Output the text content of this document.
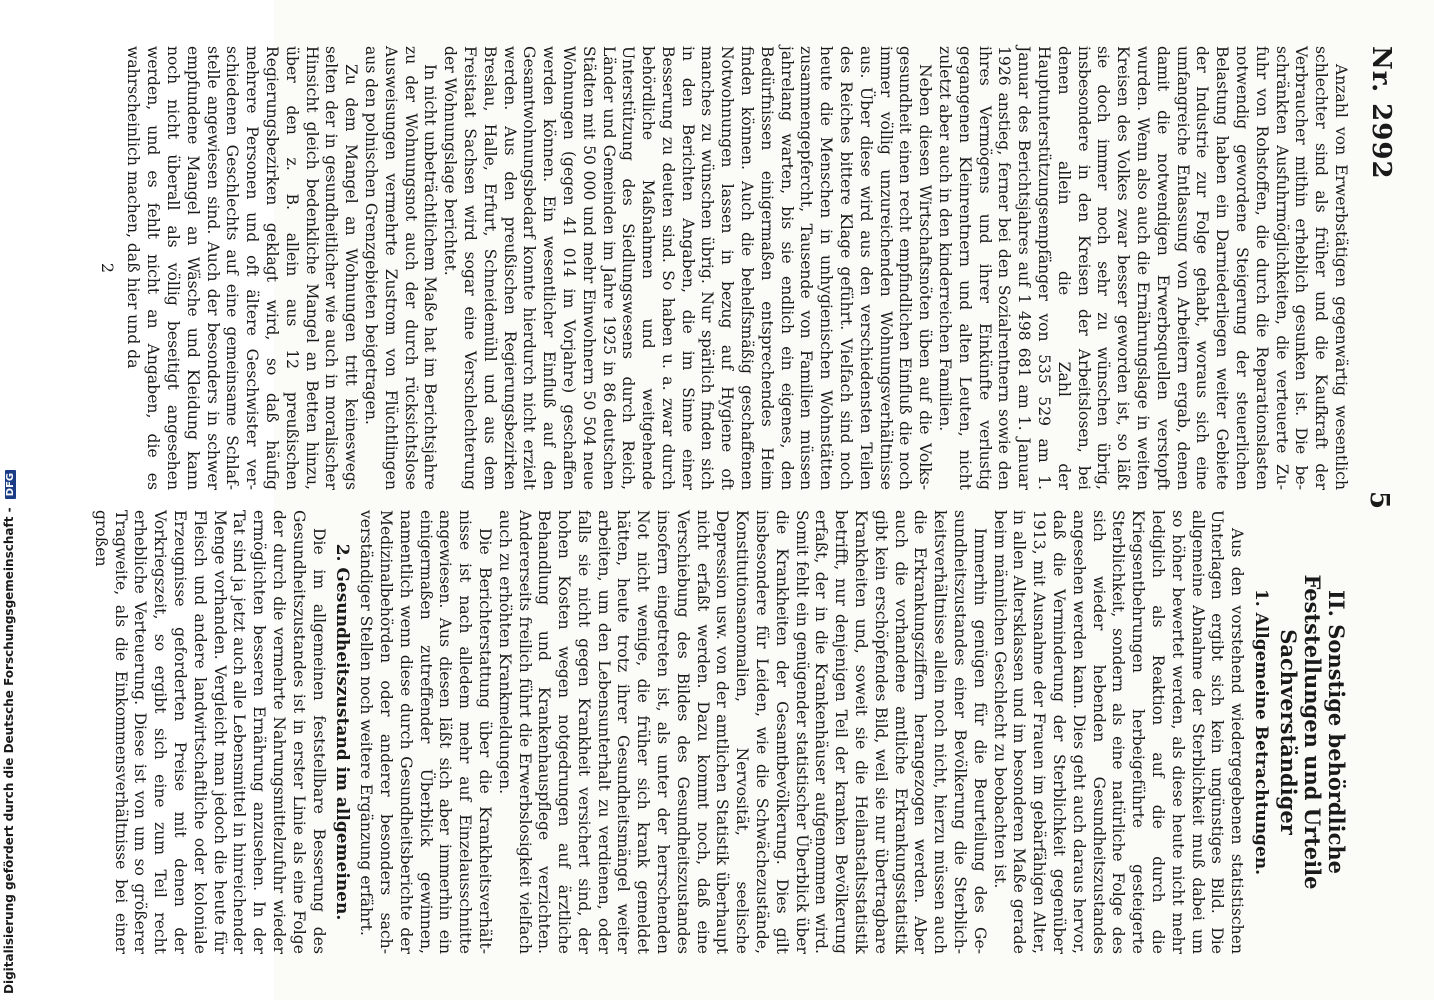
Nr. 2992
5

Anzahl von Erwerbstätigen gegenwärtig wesentlich schlechter sind als früher und die Kaufkraft der Verbraucher mithin erheblich gesunken ist. Die beschränkten Ausfuhrmöglichkeiten, die verteuerte Zufuhr von Rohstoffen, die durch die Reparationslasten notwendig gewordene Steigerung der steuerlichen Belastung haben ein Darniederliegen weiter Gebiete der Industrie zur Folge gehabt, woraus sich eine umfangreiche Entlassung von Arbeitern ergab, denen damit die notwendigen Erwerbsquellen verstopft wurden. Wenn also auch die Ernährungslage in weiten Kreisen des Volkes zwar besser geworden ist, so läßt sie doch immer noch sehr zu wünschen übrig, insbesondere in den Kreisen der Arbeitslosen, bei denen allein die Zahl der Hauptunterstützungsempfänger von 535 529 am 1. Januar des Berichtsjahres auf 1 498 681 am 1. Januar 1926 anstieg, ferner bei den Sozialrentnern sowie den ihres Vermögens und ihrer Einkünfte verlustig gegangenen Kleinrentnern und alten Leuten, nicht zuletzt aber auch in den kinderreichen Familien.

Neben diesen Wirtschaftsnöten üben auf die Volksgesundheit einen recht empfindlichen Einfluß die noch immer völlig unzureichenden Wohnungsverhältnisse aus. Über diese wird aus den verschiedensten Teilen des Reiches bittere Klage geführt. Vielfach sind noch heute die Menschen in unhygienischen Wohnstätten zusammengepfercht, Tausende von Familien müssen jahrelang warten, bis sie endlich ein eigenes, den Bedürfnissen einigermaßen entsprechendes Heim finden können. Auch die behelfsmäßig geschaffenen Notwohnungen lassen in bezug auf Hygiene oft manches zu wünschen übrig. Nur spärlich finden sich in den Berichten Angaben, die im Sinne einer Besserung zu deuten sind. So haben u. a. zwar durch behördliche Maßnahmen und weitgehende Unterstützung des Siedlungswesens durch Reich, Länder und Gemeinden im Jahre 1925 in 86 deutschen Städten mit 50 000 und mehr Einwohnern 50 504 neue Wohnungen (gegen 41 014 im Vorjahre) geschaffen werden können. Ein wesentlicher Einfluß auf den Gesamtwohnungsbedarf konnte hierdurch nicht erzielt werden. Aus den preußischen Regierungsbezirken Breslau, Halle, Erfurt, Schneidemühl und aus dem Freistaat Sachsen wird sogar eine Verschlechterung der Wohnungslage berichtet.

In nicht unbeträchtlichem Maße hat im Berichtsjahre zu der Wohnungsnot auch der durch rücksichtslose Ausweisungen vermehrte Zustrom von Flüchtlingen aus den polnischen Grenzgebieten beigetragen.

Zu dem Mangel an Wohnungen tritt keineswegs selten der in gesundheitlicher wie auch in moralischer Hinsicht gleich bedenkliche Mangel an Betten hinzu, über den z. B. allein aus 12 preußischen Regierungsbezirken geklagt wird, so daß häufig mehrere Personen und oft ältere Geschwister verschiedenen Geschlechts auf eine gemeinsame Schlafstelle angewiesen sind. Auch der besonders in schwer empfundene Mangel an Wäsche und Kleidung kann noch nicht überall als völlig beseitigt angesehen werden, und es fehlt nicht an Angaben, die es wahrscheinlich machen, daß hier und da

2
II. Sonstige behördliche Feststellungen und Urteile Sachverständiger
1. Allgemeine Betrachtungen.

Aus den vorstehend wiedergegebenen statistischen Unterlagen ergibt sich kein ungünstiges Bild. Die allgemeine Abnahme der Sterblichkeit muß dabei um so höher bewertet werden, als diese heute nicht mehr lediglich als Reaktion auf die durch die Kriegsentbehrungen herbeigeführte gesteigerte Sterblichkeit, sondern als eine natürliche Folge des sich wieder hebenden Gesundheitszustandes angesehen werden kann. Dies geht auch daraus hervor, daß die Verminderung der Sterblichkeit gegenüber 1913, mit Ausnahme der Frauen im gebärfähigen Alter, in allen Altersklassen und im besonderen Maße gerade beim männlichen Geschlecht zu beobachten ist.

Immerhin genügen für die Beurteilung des Gesundheitszustandes einer Bevölkerung die Sterblichkeitsverhältnisse allein noch nicht, hierzu müssen auch die Erkrankungsziffern herangezogen werden. Aber auch die vorhandene amtliche Erkrankungsstatistik gibt kein erschöpfendes Bild, weil sie nur übertragbare Krankheiten und, soweit sie die Heilanstaltsstatistik betrifft, nur denjenigen Teil der kranken Bevölkerung erfaßt, der in die Krankenhäuser aufgenommen wird. Somit fehlt ein genügender statistischer Überblick über die Krankheiten der Gesamtbevölkerung. Dies gilt insbesondere für Leiden, wie die Schwächezustände, Konstitutionsanomalien, Nervosität, seelische Depression usw. von der amtlichen Statistik überhaupt nicht erfaßt werden. Dazu kommt noch, daß eine Verschiebung des Bildes des Gesundheitszustandes insofern eingetreten ist, als unter der herrschenden Not nicht wenige, die früher sich krank gemeldet hätten, heute trotz ihrer Gesundheitsmängel weiter arbeiten, um den Lebensunterhalt zu verdienen, oder falls sie nicht gegen Krankheit versichert sind, der hohen Kosten wegen notgedrungen auf ärztliche Behandlung und Krankenhauspflege verzichten. Andererseits freilich führt die Erwerbslosigkeit vielfach auch zu erhöhten Krankmeldungen.

Die Berichterstattung über die Krankheitsverhältnisse ist nach alledem mehr auf Einzelausschnitte angewiesen. Aus diesen läßt sich aber immerhin ein einigermaßen zutreffender Überblick gewinnen, namentlich wenn diese durch Gesundheitsberichte der Medizinalbehörden oder anderer besonders sachverständiger Stellen noch weitere Ergänzung erfährt.

2. Gesundheitszustand im allgemeinen.

Die im allgemeinen feststellbare Besserung des Gesundheitszustandes ist in erster Linie als eine Folge der durch die vermehrte Nahrungsmittelzufuhr wieder ermöglichten besseren Ernährung anzusehen. In der Tat sind ja jetzt auch alle Lebensmittel in hinreichender Menge vorhanden. Vergleicht man jedoch die heute für Fleisch und andere landwirtschaftliche oder koloniale Erzeugnisse geforderten Preise mit denen der Vorkriegszeit, so ergibt sich eine zum Teil recht erhebliche Verteuerung. Diese ist von um so größerer Tragweite, als die Einkommensverhältnisse bei einer großen

Digitalisierung gefördert durch die Deutsche Forschungsgemeinschaft - DFG
